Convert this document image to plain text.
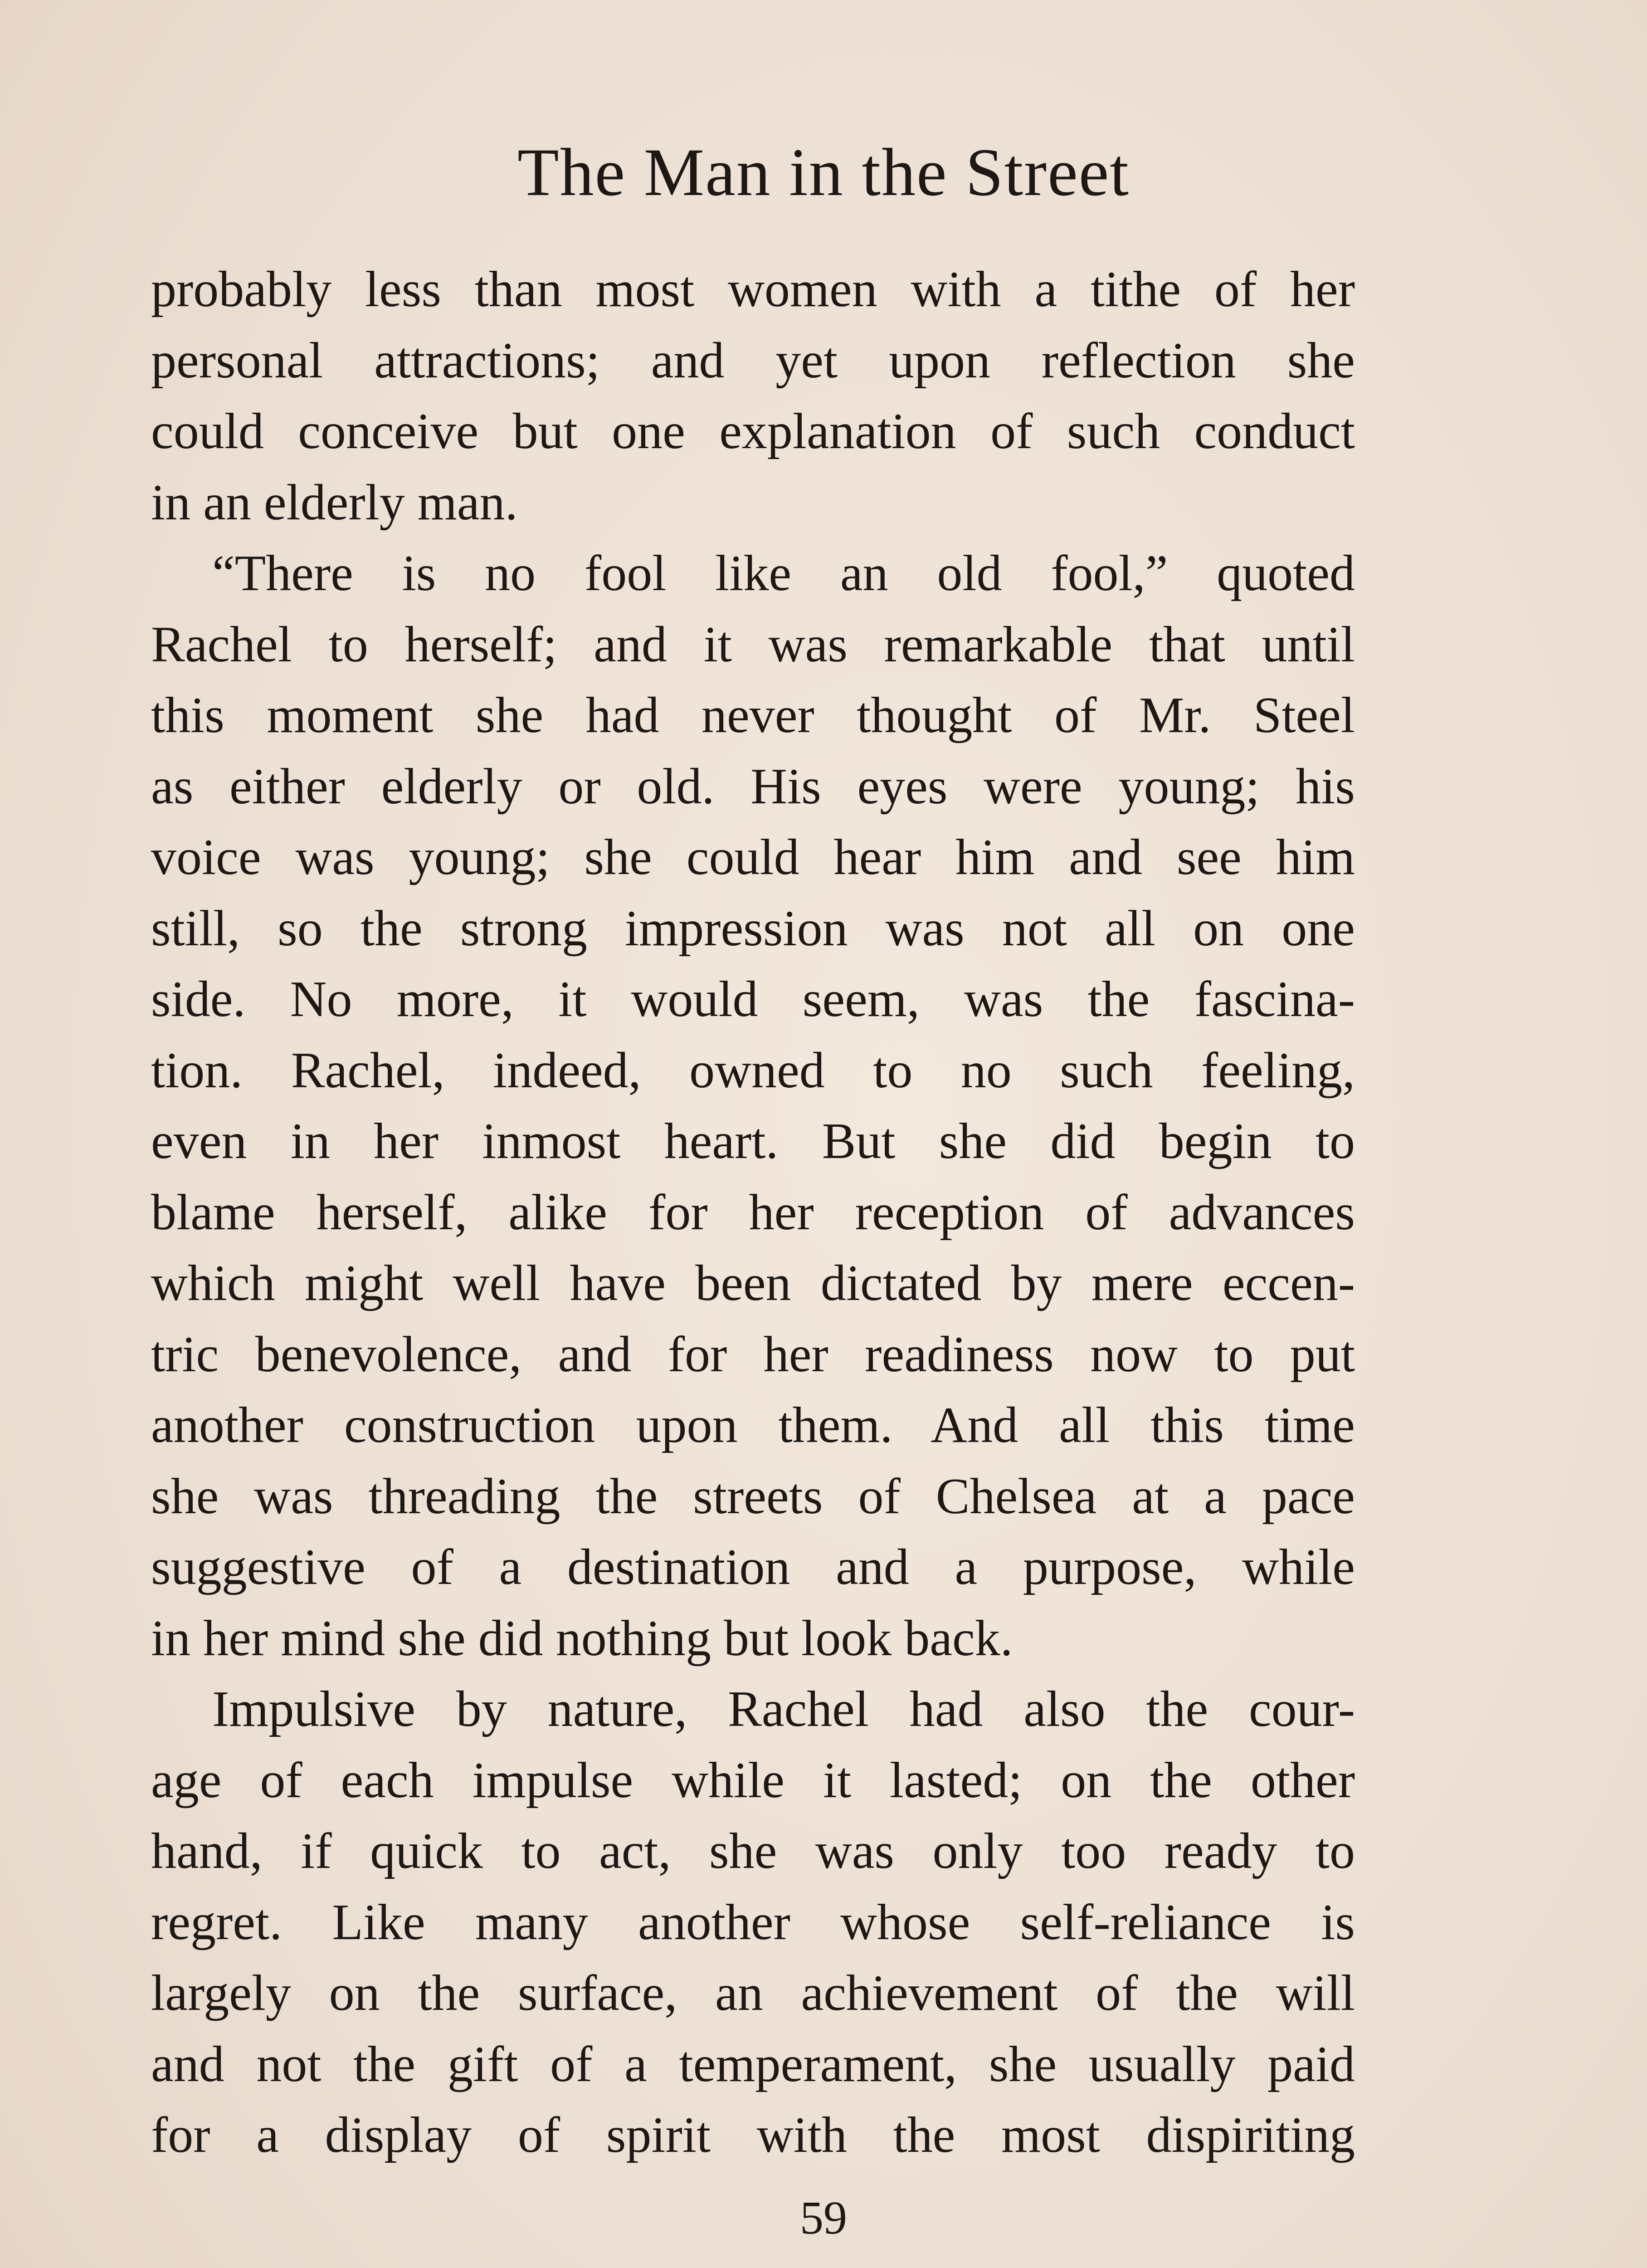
The Man in the Street
probably less than most women with a tithe of her
personal attractions; and yet upon reflection she
could conceive but one explanation of such conduct
in an elderly man.
“There is no fool like an old fool,” quoted
Rachel to herself; and it was remarkable that until
this moment she had never thought of Mr. Steel
as either elderly or old. His eyes were young; his
voice was young; she could hear him and see him
still, so the strong impression was not all on one
side. No more, it would seem, was the fascina-
tion. Rachel, indeed, owned to no such feeling,
even in her inmost heart. But she did begin to
blame herself, alike for her reception of advances
which might well have been dictated by mere eccen-
tric benevolence, and for her readiness now to put
another construction upon them. And all this time
she was threading the streets of Chelsea at a pace
suggestive of a destination and a purpose, while
in her mind she did nothing but look back.
Impulsive by nature, Rachel had also the cour-
age of each impulse while it lasted; on the other
hand, if quick to act, she was only too ready to
regret. Like many another whose self-reliance is
largely on the surface, an achievement of the will
and not the gift of a temperament, she usually paid
for a display of spirit with the most dispiriting
59
